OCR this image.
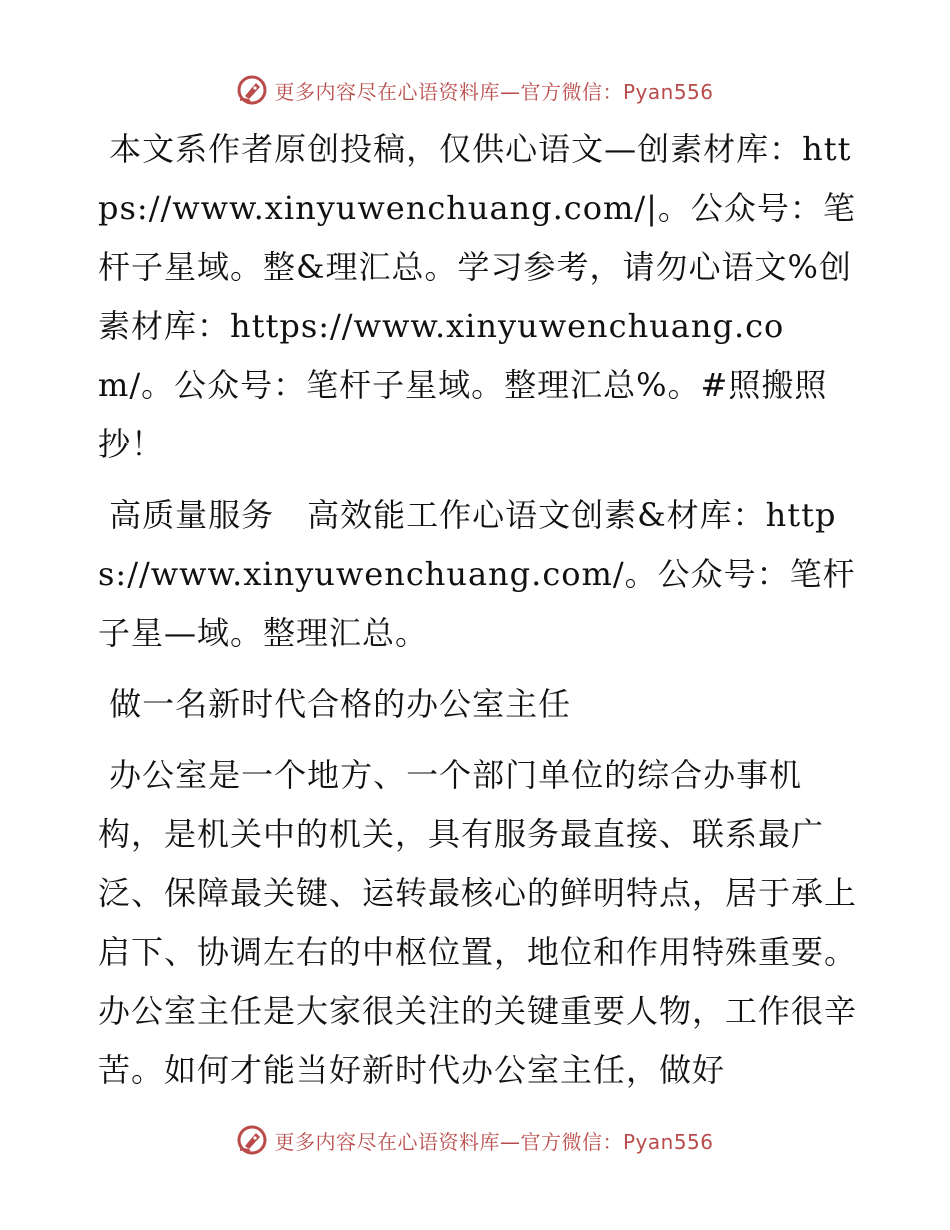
更多内容尽在心语资料库—官方微信：Pyan556

本文系作者原创投稿，仅供心语文—创素材库：https://www.xinyuwenchuang.com/|。公众号：笔杆子星域。整&理汇总。学习参考，请勿心语文%创素材库：https://www.xinyuwenchuang.com/。公众号：笔杆子星域。整理汇总%。#照搬照抄！

高质量服务　高效能工作心语文创素&材库：https://www.xinyuwenchuang.com/。公众号：笔杆子星—域。整理汇总。

做一名新时代合格的办公室主任

办公室是一个地方、一个部门单位的综合办事机构，是机关中的机关，具有服务最直接、联系最广泛、保障最关键、运转最核心的鲜明特点，居于承上启下、协调左右的中枢位置，地位和作用特殊重要。办公室主任是大家很关注的关键重要人物，工作很辛苦。如何才能当好新时代办公室主任，做好

更多内容尽在心语资料库—官方微信：Pyan556
